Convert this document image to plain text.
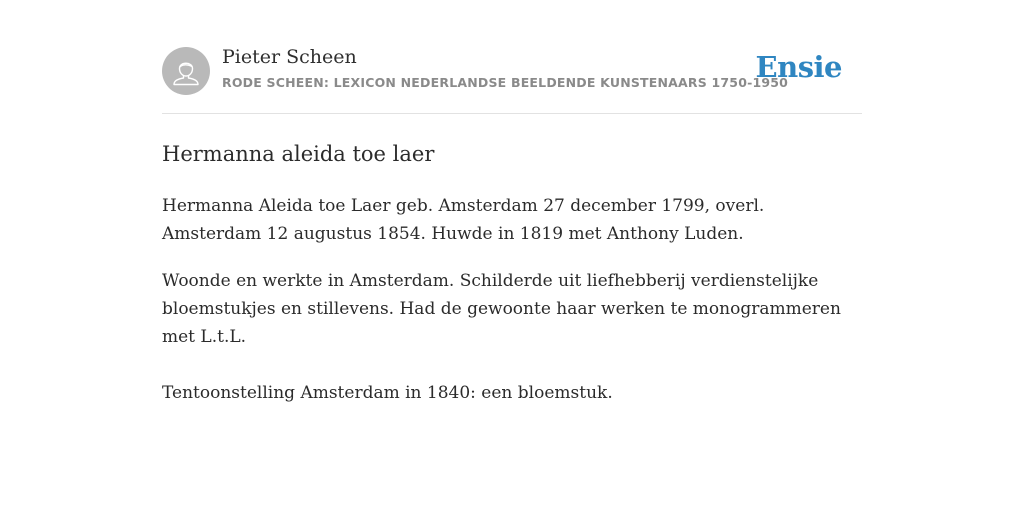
Pieter Scheen
RODE SCHEEN: LEXICON NEDERLANDSE BEELDENDE KUNSTENAARS 1750-1950
Ensie
Hermanna aleida toe laer

Hermanna Aleida toe Laer geb. Amsterdam 27 december 1799, overl. Amsterdam 12 augustus 1854. Huwde in 1819 met Anthony Luden.

Woonde en werkte in Amsterdam. Schilderde uit liefhebberij verdienstelijke bloemstukjes en stillevens. Had de gewoonte haar werken te monogrammeren met L.t.L.

Tentoonstelling Amsterdam in 1840: een bloemstuk.
